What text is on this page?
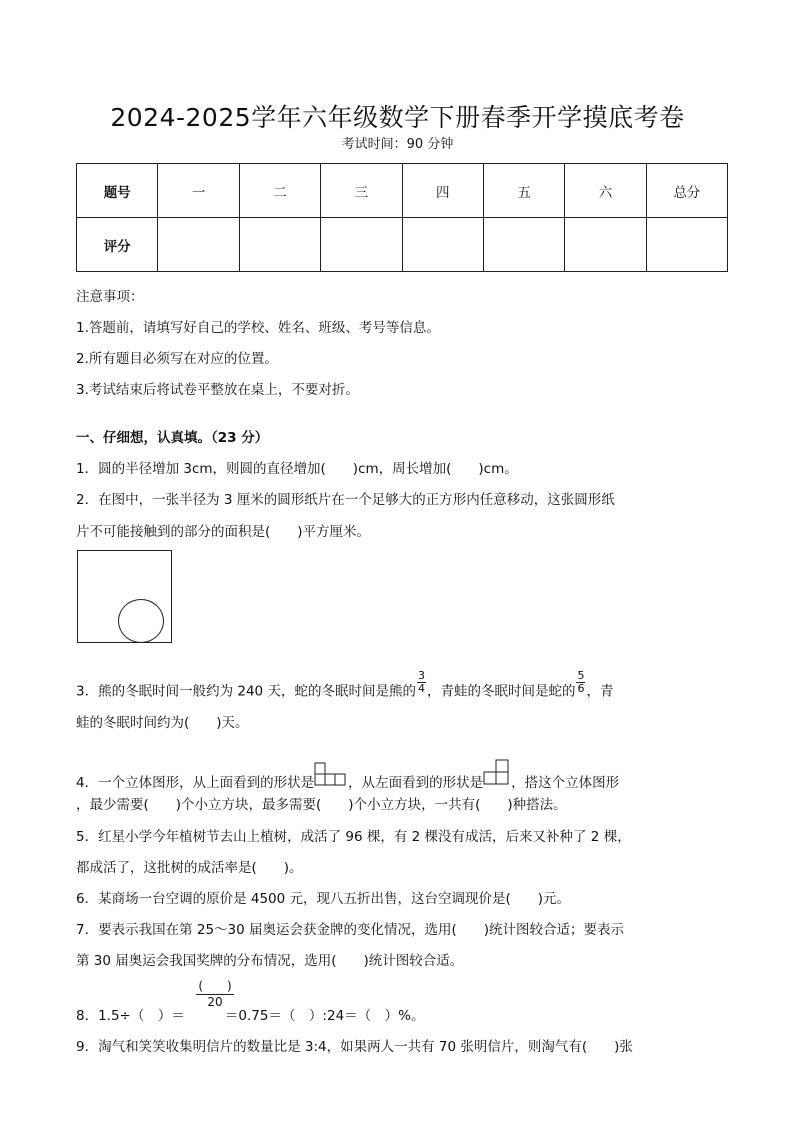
2024-2025学年六年级数学下册春季开学摸底考卷
考试时间：90 分钟
题号	一	二	三	四	五	六	总分
评分							
注意事项：
1.答题前，请填写好自己的学校、姓名、班级、考号等信息。
2.所有题目必须写在对应的位置。
3.考试结束后将试卷平整放在桌上，不要对折。
一、仔细想，认真填。（23 分）
1．圆的半径增加 3cm，则圆的直径增加(　　)cm，周长增加(　　)cm。
2．在图中，一张半径为 3 厘米的圆形纸片在一个足够大的正方形内任意移动，这张圆形纸
片不可能接触到的部分的面积是(　　)平方厘米。
3．熊的冬眠时间一般约为 240 天，蛇的冬眠时间是熊的 $\frac{3}{4}$ ，青蛙的冬眠时间是蛇的 $\frac{5}{6}$ ，青
蛙的冬眠时间约为(　　)天。
4．一个立体图形，从上面看到的形状是	，从左面看到的形状是 ，搭这个立体图形
，最少需要(　　)个小立方块，最多需要(　　)个小立方块，一共有(　　)种搭法。
5．红星小学今年植树节去山上植树，成活了 96 棵，有 2 棵没有成活，后来又补种了 2 棵，
都成活了，这批树的成活率是(　　)。
6．某商场一台空调的原价是 4500 元，现八五折出售，这台空调现价是(　　)元。
7．要表示我国在第 25～30 届奥运会获金牌的变化情况，选用(　　)统计图较合适；要表示
第 30 届奥运会我国奖牌的分布情况，选用(　　)统计图较合适。
(　　)
20
8．1.5÷（　）＝	＝0.75＝（　）:24＝（　）%。
9．淘气和笑笑收集明信片的数量比是 3:4，如果两人一共有 70 张明信片，则淘气有(　　)张
